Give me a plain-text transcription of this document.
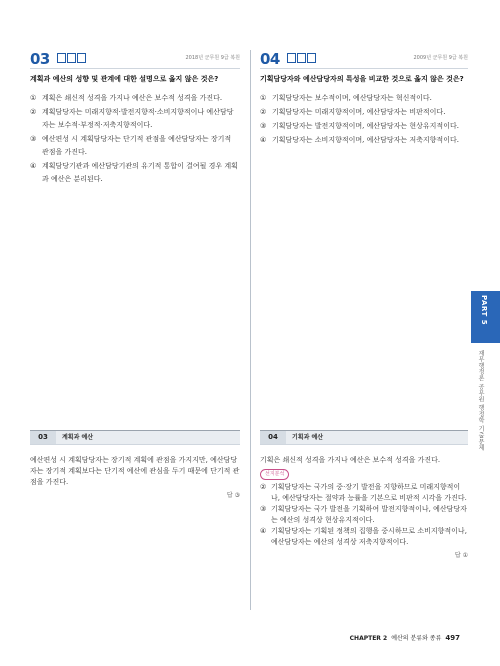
03	2018년 군무원 9급 복원
계획과 예산의 성향 및 관계에 대한 설명으로 옳지 않은 것은?
① 계획은 쇄신적 성격을 가지나 예산은 보수적 성격을 가진다.
② 계획담당자는 미래지향적·발전지향적·소비지향적이나 예산담당자는 보수적·부정적·저축지향적이다.
③ 예산편성 시 계획담당자는 단기적 관점을 예산담당자는 장기적 관점을 가진다.
④ 계획담당기관과 예산담당기관의 유기적 통합이 결여될 경우 계획과 예산은 분리된다.
04	2009년 군무원 9급 복원
기획담당자와 예산담당자의 특성을 비교한 것으로 옳지 않은 것은?
① 기획담당자는 보수적이며, 예산담당자는 혁신적이다.
② 기획담당자는 미래지향적이며, 예산담당자는 비판적이다.
③ 기획담당자는 발전지향적이며, 예산담당자는 현상유지적이다.
④ 기획담당자는 소비지향적이며, 예산담당자는 저축지향적이다.
03	계획과 예산
예산편성 시 계획담당자는 장기적 계획에 관점을 가지지만, 예산담당자는 장기적 계획보다는 단기적 예산에 관심을 두기 때문에 단기적 관점을 가진다.
답 ③
04	기획과 예산
기획은 쇄신적 성격을 가지나 예산은 보수적 성격을 가진다.
선지분석
② 기획담당자는 국가의 중·장기 발전을 지향하므로 미래지향적이나, 예산담당자는 절약과 능률을 기본으로 비판적 시각을 가진다.
③ 기획담당자는 국가 발전을 기획하여 발전지향적이나, 예산담당자는 예산의 성격상 현상유지적이다.
④ 기획담당자는 기획된 정책의 집행을 중시하므로 소비지향적이나, 예산담당자는 예산의 성격상 저축지향적이다.
답 ①
PART 5
재무행정론 공무원 행정학 기출문제
CHAPTER 2 예산의 분류와 종류 497
